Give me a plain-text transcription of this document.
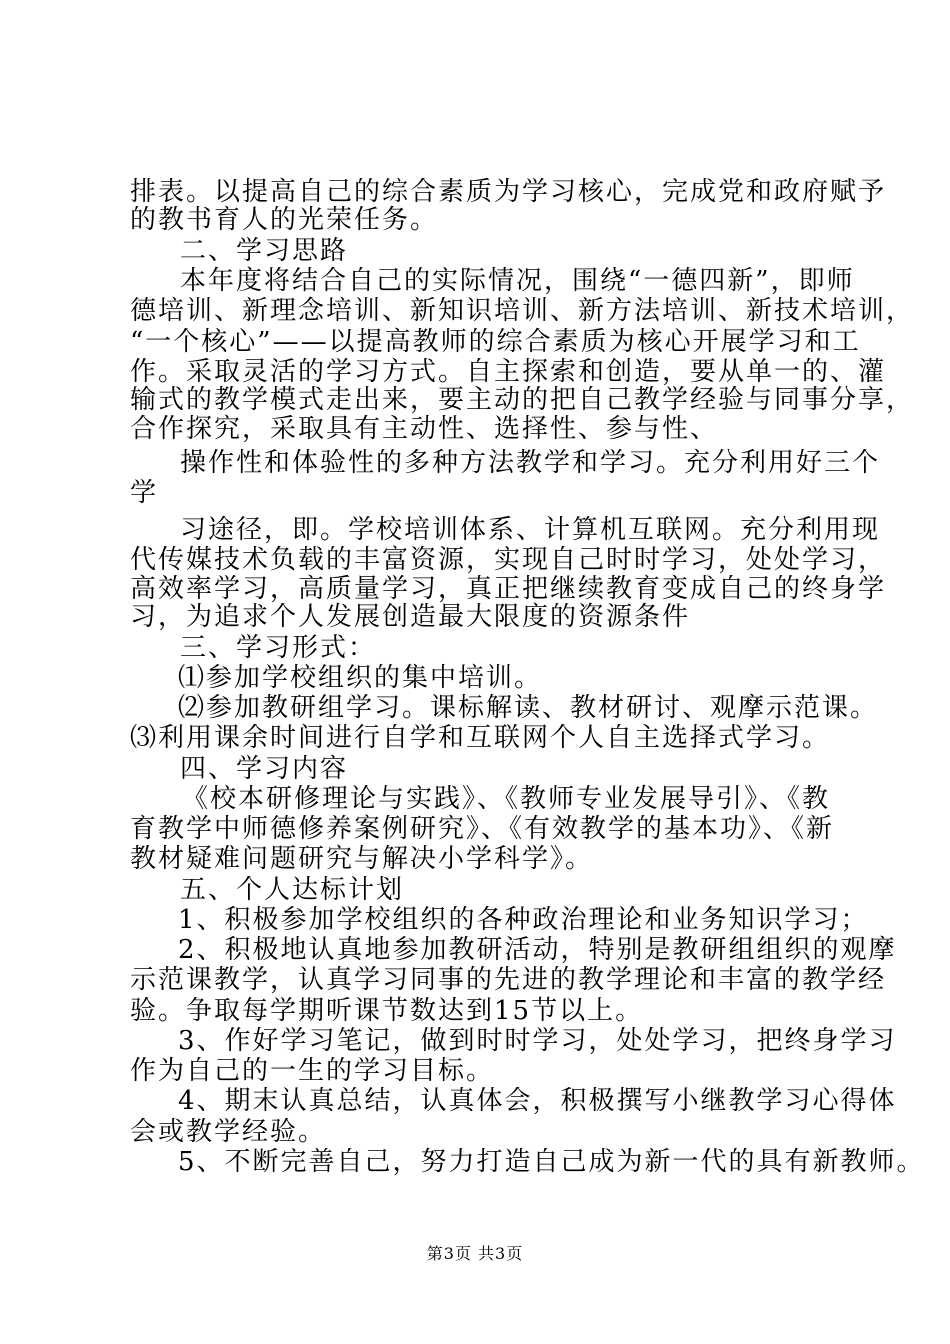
排表。以提高自己的综合素质为学习核心，完成党和政府赋予
的教书育人的光荣任务。
二、学习思路
本年度将结合自己的实际情况，围绕“一德四新”，即师
德培训、新理念培训、新知识培训、新方法培训、新技术培训，
“一个核心”——以提高教师的综合素质为核心开展学习和工
作。采取灵活的学习方式。自主探索和创造，要从单一的、灌
输式的教学模式走出来，要主动的把自己教学经验与同事分享，
合作探究，采取具有主动性、选择性、参与性、
操作性和体验性的多种方法教学和学习。充分利用好三个
学
习途径，即。学校培训体系、计算机互联网。充分利用现
代传媒技术负载的丰富资源，实现自己时时学习，处处学习，
高效率学习，高质量学习，真正把继续教育变成自己的终身学
习，为追求个人发展创造最大限度的资源条件
三、学习形式：
⑴参加学校组织的集中培训。
⑵参加教研组学习。课标解读、教材研讨、观摩示范课。
⑶利用课余时间进行自学和互联网个人自主选择式学习。
四、学习内容
《校本研修理论与实践》、《教师专业发展导引》、《教
育教学中师德修养案例研究》、《有效教学的基本功》、《新
教材疑难问题研究与解决小学科学》。
五、个人达标计划
1、积极参加学校组织的各种政治理论和业务知识学习；
2、积极地认真地参加教研活动，特别是教研组组织的观摩
示范课教学，认真学习同事的先进的教学理论和丰富的教学经
验。争取每学期听课节数达到15节以上。
3、作好学习笔记，做到时时学习，处处学习，把终身学习
作为自己的一生的学习目标。
4、期末认真总结，认真体会，积极撰写小继教学习心得体
会或教学经验。
5、不断完善自己，努力打造自己成为新一代的具有新教师。
第3页 共3页
